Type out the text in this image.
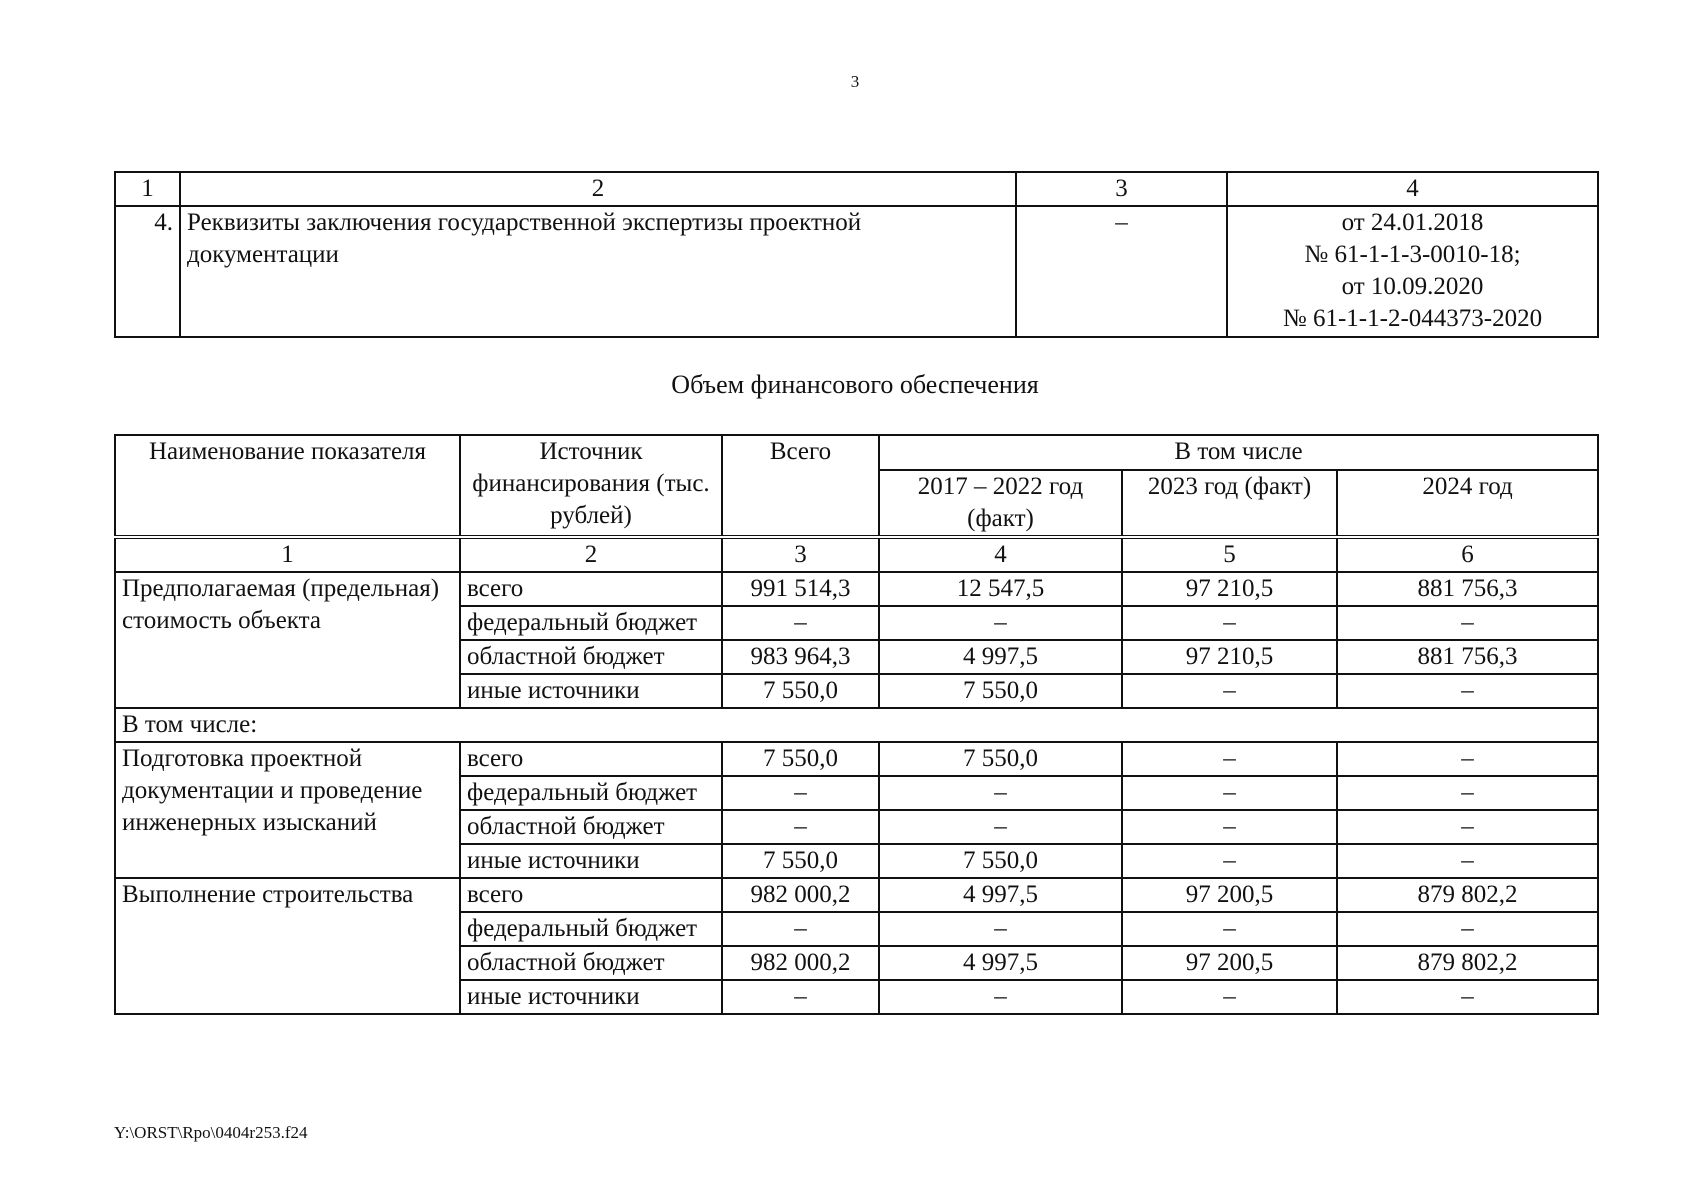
3
1	2	3	4
4.	Реквизиты заключения государственной экспертизы проектной документации	–	от 24.01.2018
№ 61-1-1-3-0010-18;
от 10.09.2020
№ 61-1-1-2-044373-2020
Объем финансового обеспечения
Наименование показателя	Источник финансирования (тыс. рублей)	Всего	В том числе		
			2017 – 2022 год (факт)	2023 год (факт)	2024 год
1	2	3	4	5	6
Предполагаемая (предельная) стоимость объекта	всего	991 514,3	12 547,5	97 210,5	881 756,3
	федеральный бюджет	–	–	–	–
	областной бюджет	983 964,3	4 997,5	97 210,5	881 756,3
	иные источники	7 550,0	7 550,0	–	–
В том числе:					
Подготовка проектной документации и проведение инженерных изысканий	всего	7 550,0	7 550,0	–	–
	федеральный бюджет	–	–	–	–
	областной бюджет	–	–	–	–
	иные источники	7 550,0	7 550,0	–	–
Выполнение строительства	всего	982 000,2	4 997,5	97 200,5	879 802,2
	федеральный бюджет	–	–	–	–
	областной бюджет	982 000,2	4 997,5	97 200,5	879 802,2
	иные источники	–	–	–	–
Y:\ORST\Rpo\0404r253.f24
